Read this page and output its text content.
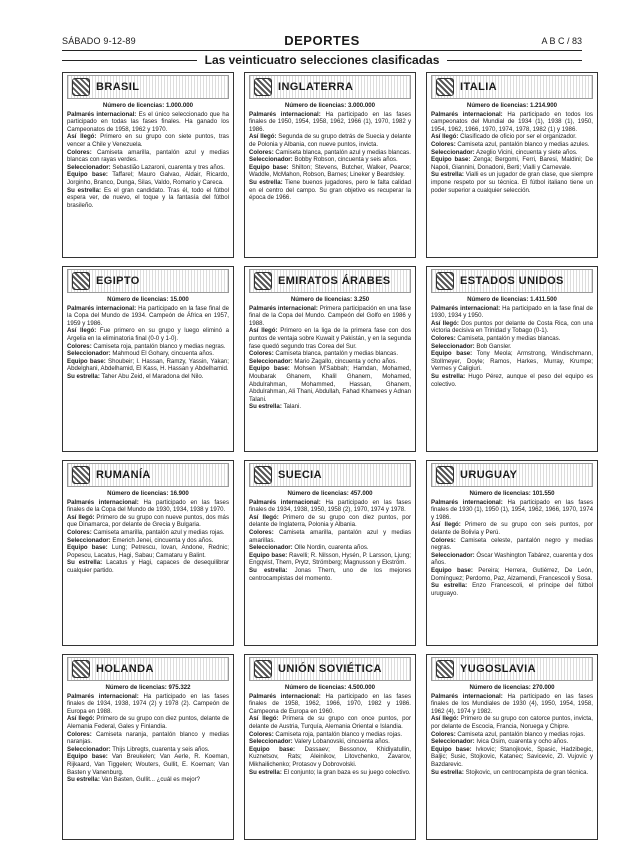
SÁBADO 9-12-89	DEPORTES	A B C / 83
Las veinticuatro selecciones clasificadas
BRASIL

Número de licencias: 1.000.000

Palmarés internacional: Es el único seleccionado que ha participado en todas las fases finales. Ha ganado los Campeonatos de 1958, 1962 y 1970.

Así llegó: Primero en su grupo con siete puntos, tras vencer a Chile y Venezuela.

Colores: Camiseta amarilla, pantalón azul y medias blancas con rayas verdes.

Seleccionador: Sebastião Lazaroni, cuarenta y tres años.

Equipo base: Taffarel; Mauro Galvao, Aldair, Ricardo, Jorginho, Branco, Dunga, Silas, Valdo, Romario y Careca.

Su estrella: Es el gran candidato. Tras él, todo el fútbol espera ver, de nuevo, el toque y la fantasía del fútbol brasileño.

INGLATERRA

Número de licencias: 3.000.000

Palmarés internacional: Ha participado en las fases finales de 1950, 1954, 1958, 1962, 1966 (1), 1970, 1982 y 1986.

Así llegó: Segunda de su grupo detrás de Suecia y delante de Polonia y Albania, con nueve puntos, invicta.

Colores: Camiseta blanca, pantalón azul y medias blancas.

Seleccionador: Bobby Robson, cincuenta y seis años.

Equipo base: Shilton; Stevens, Butcher, Walker, Pearce; Waddle, McMahon, Robson, Barnes; Lineker y Beardsley.

Su estrella: Tiene buenos jugadores, pero le falta calidad en el centro del campo. Su gran objetivo es recuperar la época de 1966.

ITALIA

Número de licencias: 1.214.900

Palmarés internacional: Ha participado en todos los campeonatos del Mundial de 1934 (1), 1938 (1), 1950, 1954, 1962, 1966, 1970, 1974, 1978, 1982 (1) y 1986.

Así llegó: Clasificado de oficio por ser el organizador.

Colores: Camiseta azul, pantalón blanco y medias azules.

Seleccionador: Azeglio Vicini, cincuenta y siete años.

Equipo base: Zenga; Bergomi, Ferri, Baresi, Maldini; De Napoli, Giannini, Donadoni, Berti; Vialli y Carnevale.

Su estrella: Vialli es un jugador de gran clase, que siempre impone respeto por su técnica. El fútbol italiano tiene un poder superior a cualquier selección.

EGIPTO

Número de licencias: 15.000

Palmarés internacional: Ha participado en la fase final de la Copa del Mundo de 1934. Campeón de África en 1957, 1959 y 1986.

Así llegó: Fue primero en su grupo y luego eliminó a Argelia en la eliminatoria final (0-0 y 1-0).

Colores: Camiseta roja, pantalón blanco y medias negras.

Seleccionador: Mahmoud El Gohary, cincuenta años.

Equipo base: Shoubeir; I. Hassan, Ramzy, Yassin, Yakan; Abdelghani, Abdelhamid, El Kass, H. Hassan y Abdelhamid.

Su estrella: Taher Abu Zeid, el Maradona del Nilo.

EMIRATOS ÁRABES

Número de licencias: 3.250

Palmarés internacional: Primera participación en una fase final de la Copa del Mundo. Campeón del Golfo en 1986 y 1988.

Así llegó: Primero en la liga de la primera fase con dos puntos de ventaja sobre Kuwait y Pakistán, y en la segunda fase quedó segundo tras Corea del Sur.

Colores: Camiseta blanca, pantalón y medias blancas.

Seleccionador: Mario Zagallo, cincuenta y ocho años.

Equipo base: Mohsen M'Sabbah; Hamdan, Mohamed, Moubarak Ghanem, Khalil Ghanem, Mohamed, Abdulrahman, Mohammed, Hassan, Ghanem, Abdulrahman, Ali Thani, Abdullah, Fahad Khamees y Adnan Talani.

Su estrella: Talani.

ESTADOS UNIDOS

Número de licencias: 1.411.500

Palmarés internacional: Ha participado en la fase final de 1930, 1934 y 1950.

Así llegó: Dos puntos por delante de Costa Rica, con una victoria decisiva en Trinidad y Tobago (0-1).

Colores: Camiseta, pantalón y medias blancas.

Seleccionador: Bob Gansler.

Equipo base: Tony Meola; Armstrong, Windischmann, Stollmeyer, Doyle; Ramos, Harkes, Murray, Krumpe; Vermes y Caligiuri.

Su estrella: Hugo Pérez, aunque el peso del equipo es colectivo.

RUMANÍA

Número de licencias: 16.900

Palmarés internacional: Ha participado en las fases finales de la Copa del Mundo de 1930, 1934, 1938 y 1970.

Así llegó: Primero de su grupo con nueve puntos, dos más que Dinamarca, por delante de Grecia y Bulgaria.

Colores: Camiseta amarilla, pantalón azul y medias rojas.

Seleccionador: Emerich Jenei, cincuenta y dos años.

Equipo base: Lung; Petrescu, Iovan, Andone, Rednic; Popescu, Lacatus, Hagi, Sabau; Camataru y Balint.

Su estrella: Lacatus y Hagi, capaces de desequilibrar cualquier partido.

SUECIA

Número de licencias: 457.000

Palmarés internacional: Ha participado en las fases finales de 1934, 1938, 1950, 1958 (2), 1970, 1974 y 1978.

Así llegó: Primero de su grupo con diez puntos, por delante de Inglaterra, Polonia y Albania.

Colores: Camiseta amarilla, pantalón azul y medias amarillas.

Seleccionador: Olle Nordin, cuarenta años.

Equipo base: Ravelli; R. Nilsson, Hysén, P. Larsson, Ljung; Engqvist, Thern, Prytz, Strömberg; Magnusson y Ekström.

Su estrella: Jonas Thern, uno de los mejores centrocampistas del momento.

URUGUAY

Número de licencias: 101.550

Palmarés internacional: Ha participado en las fases finales de 1930 (1), 1950 (1), 1954, 1962, 1966, 1970, 1974 y 1986.

Así llegó: Primero de su grupo con seis puntos, por delante de Bolivia y Perú.

Colores: Camiseta celeste, pantalón negro y medias negras.

Seleccionador: Óscar Washington Tabárez, cuarenta y dos años.

Equipo base: Pereira; Herrera, Gutiérrez, De León, Domínguez; Perdomo, Paz, Alzamendi, Francescoli y Sosa.

Su estrella: Enzo Francescoli, el príncipe del fútbol uruguayo.

HOLANDA

Número de licencias: 975.322

Palmarés internacional: Ha participado en las fases finales de 1934, 1938, 1974 (2) y 1978 (2). Campeón de Europa en 1988.

Así llegó: Primero de su grupo con diez puntos, delante de Alemania Federal, Gales y Finlandia.

Colores: Camiseta naranja, pantalón blanco y medias naranjas.

Seleccionador: Thijs Libregts, cuarenta y seis años.

Equipo base: Van Breukelen; Van Aerle, R. Koeman, Rijkaard, Van Tiggelen; Wouters, Gullit, E. Koeman; Van Basten y Vanenburg.

Su estrella: Van Basten, Gullit... ¿cuál es mejor?

UNIÓN SOVIÉTICA

Número de licencias: 4.500.000

Palmarés internacional: Ha participado en las fases finales de 1958, 1962, 1966, 1970, 1982 y 1986. Campeona de Europa en 1960.

Así llegó: Primera de su grupo con once puntos, por delante de Austria, Turquía, Alemania Oriental e Islandia.

Colores: Camiseta roja, pantalón blanco y medias rojas.

Seleccionador: Valery Lobanovski, cincuenta años.

Equipo base: Dassaev; Bessonov, Khidiyatullin, Kuznetsov, Rats; Aleinikov, Litovchenko, Zavarov, Mikhailichenko; Protasov y Dobrovolski.

Su estrella: El conjunto; la gran baza es su juego colectivo.

YUGOSLAVIA

Número de licencias: 270.000

Palmarés internacional: Ha participado en las fases finales de los Mundiales de 1930 (4), 1950, 1954, 1958, 1962 (4), 1974 y 1982.

Así llegó: Primero de su grupo con catorce puntos, invicta, por delante de Escocia, Francia, Noruega y Chipre.

Colores: Camiseta azul, pantalón blanco y medias rojas.

Seleccionador: Ivica Osim, cuarenta y ocho años.

Equipo base: Ivkovic; Stanojkovic, Spasic, Hadzibegic, Baljic; Susic, Stojkovic, Katanec; Savicevic, Zl. Vujovic y Bazdarevic.

Su estrella: Stojkovic, un centrocampista de gran técnica.
